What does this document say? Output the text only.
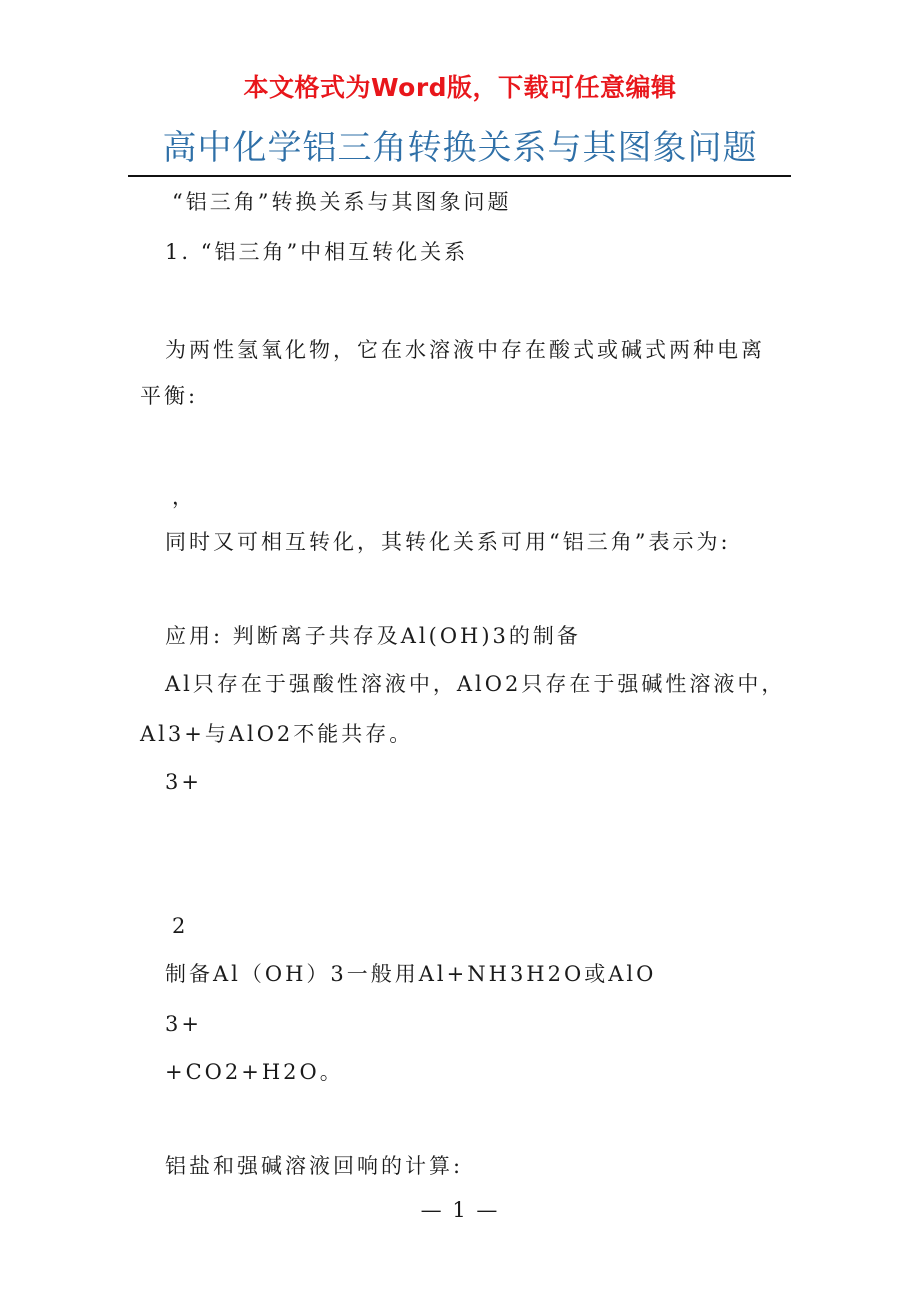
本文格式为Word版，下载可任意编辑
高中化学铝三角转换关系与其图象问题
“铝三角”转换关系与其图象问题
1. “铝三角”中相互转化关系
为两性氢氧化物，它在水溶液中存在酸式或碱式两种电离
平衡:
，
同时又可相互转化，其转化关系可用“铝三角”表示为:
应用: 判断离子共存及Al(OH)3的制备
Al只存在于强酸性溶液中，AlO2只存在于强碱性溶液中，
Al3+与AlO2不能共存。
3+
2
制备Al（OH）3一般用Al+NH3H2O或AlO
3+
+CO2+H2O。
铝盐和强碱溶液回响的计算:
— 1 —
